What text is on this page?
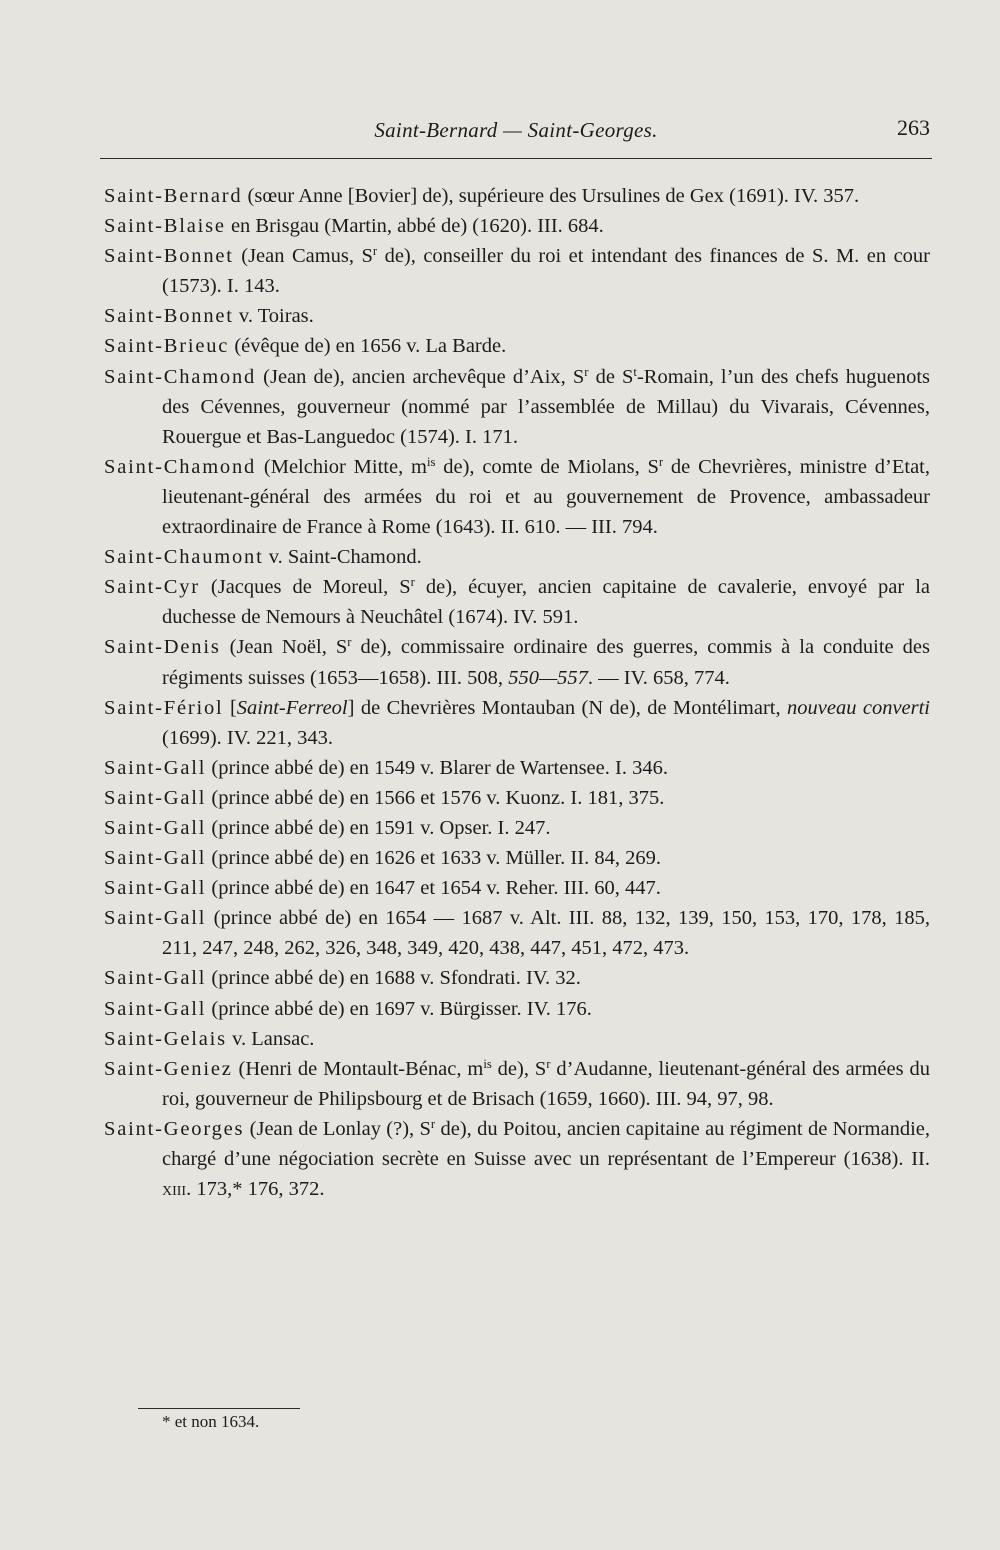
Saint-Bernard — Saint-Georges.	263

Saint-Bernard (sœur Anne [Bovier] de), supérieure des Ursulines de Gex (1691). IV. 357.

Saint-Blaise en Brisgau (Martin, abbé de) (1620). III. 684.

Saint-Bonnet (Jean Camus, $S^r$ de), conseiller du roi et intendant des finances de S. M. en cour (1573). I. 143.

Saint-Bonnet v. Toiras.

Saint-Brieuc (évêque de) en 1656 v. La Barde.

Saint-Chamond (Jean de), ancien archevêque d’Aix, $S^r$ de $S^t$-Romain, l’un des chefs huguenots des Cévennes, gouverneur (nommé par l’assemblée de Millau) du Vivarais, Cévennes, Rouergue et Bas-Languedoc (1574). I. 171.

Saint-Chamond (Melchior Mitte, $m^{is}$ de), comte de Miolans, $S^r$ de Chevrières, ministre d’Etat, lieutenant-général des armées du roi et au gouvernement de Provence, ambassadeur extraordinaire de France à Rome (1643). II. 610. — III. 794.

Saint-Chaumont v. Saint-Chamond.

Saint-Cyr (Jacques de Moreul, $S^r$ de), écuyer, ancien capitaine de cavalerie, envoyé par la duchesse de Nemours à Neuchâtel (1674). IV. 591.

Saint-Denis (Jean Noël, $S^r$ de), commissaire ordinaire des guerres, commis à la conduite des régiments suisses (1653—1658). III. 508, 550—557. — IV. 658, 774.

Saint-Fériol [Saint-Ferreol] de Chevrières Montauban (N de), de Montélimart, nouveau converti (1699). IV. 221, 343.

Saint-Gall (prince abbé de) en 1549 v. Blarer de Wartensee. I. 346.

Saint-Gall (prince abbé de) en 1566 et 1576 v. Kuonz. I. 181, 375.

Saint-Gall (prince abbé de) en 1591 v. Opser. I. 247.

Saint-Gall (prince abbé de) en 1626 et 1633 v. Müller. II. 84, 269.

Saint-Gall (prince abbé de) en 1647 et 1654 v. Reher. III. 60, 447.

Saint-Gall (prince abbé de) en 1654 — 1687 v. Alt. III. 88, 132, 139, 150, 153, 170, 178, 185, 211, 247, 248, 262, 326, 348, 349, 420, 438, 447, 451, 472, 473.

Saint-Gall (prince abbé de) en 1688 v. Sfondrati. IV. 32.

Saint-Gall (prince abbé de) en 1697 v. Bürgisser. IV. 176.

Saint-Gelais v. Lansac.

Saint-Geniez (Henri de Montault-Bénac, $m^{is}$ de), $S^r$ d’Audanne, lieutenant-général des armées du roi, gouverneur de Philipsbourg et de Brisach (1659, 1660). III. 94, 97, 98.

Saint-Georges (Jean de Lonlay (?), $S^r$ de), du Poitou, ancien capitaine au régiment de Normandie, chargé d’une négociation secrète en Suisse avec un représentant de l’Empereur (1638). II. xiii. 173,* 176, 372.

* et non 1634.
